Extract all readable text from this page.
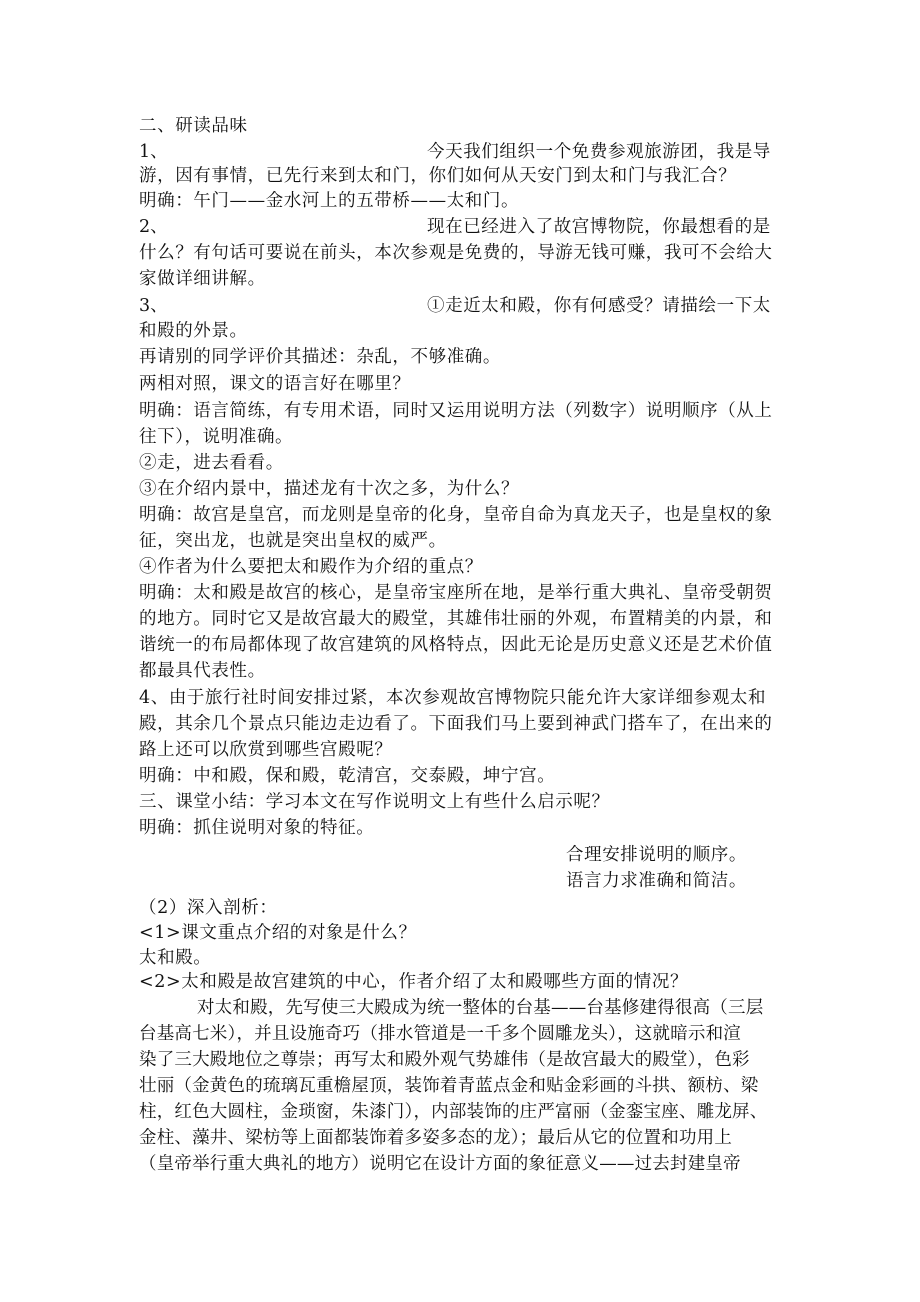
二、研读品味
1、	今天我们组织一个免费参观旅游团，我是导
游，因有事情，已先行来到太和门，你们如何从天安门到太和门与我汇合？
明确：午门——金水河上的五带桥——太和门。
2、	现在已经进入了故宫博物院，你最想看的是
什么？有句话可要说在前头，本次参观是免费的，导游无钱可赚，我可不会给大
家做详细讲解。
3、	①走近太和殿，你有何感受？请描绘一下太
和殿的外景。
再请别的同学评价其描述：杂乱，不够准确。
两相对照，课文的语言好在哪里？
明确：语言简练，有专用术语，同时又运用说明方法（列数字）说明顺序（从上
往下），说明准确。
②走，进去看看。
③在介绍内景中，描述龙有十次之多，为什么？
明确：故宫是皇宫，而龙则是皇帝的化身，皇帝自命为真龙天子，也是皇权的象
征，突出龙，也就是突出皇权的威严。
④作者为什么要把太和殿作为介绍的重点？
明确：太和殿是故宫的核心，是皇帝宝座所在地，是举行重大典礼、皇帝受朝贺
的地方。同时它又是故宫最大的殿堂，其雄伟壮丽的外观，布置精美的内景，和
谐统一的布局都体现了故宫建筑的风格特点，因此无论是历史意义还是艺术价值
都最具代表性。
4、由于旅行社时间安排过紧，本次参观故宫博物院只能允许大家详细参观太和
殿，其余几个景点只能边走边看了。下面我们马上要到神武门搭车了，在出来的
路上还可以欣赏到哪些宫殿呢？
明确：中和殿，保和殿，乾清宫，交泰殿，坤宁宫。
三、课堂小结：学习本文在写作说明文上有些什么启示呢？
明确：抓住说明对象的特征。
合理安排说明的顺序。
语言力求准确和简洁。
（2）深入剖析：
<1>课文重点介绍的对象是什么？
太和殿。
<2>太和殿是故宫建筑的中心，作者介绍了太和殿哪些方面的情况？
对太和殿，先写使三大殿成为统一整体的台基——台基修建得很高（三层
台基高七米），并且设施奇巧（排水管道是一千多个圆雕龙头），这就暗示和渲
染了三大殿地位之尊崇；再写太和殿外观气势雄伟（是故宫最大的殿堂），色彩
壮丽（金黄色的琉璃瓦重檐屋顶，装饰着青蓝点金和贴金彩画的斗拱、额枋、梁
柱，红色大圆柱，金琐窗，朱漆门），内部装饰的庄严富丽（金銮宝座、雕龙屏、
金柱、藻井、梁枋等上面都装饰着多姿多态的龙）；最后从它的位置和功用上
（皇帝举行重大典礼的地方）说明它在设计方面的象征意义——过去封建皇帝
